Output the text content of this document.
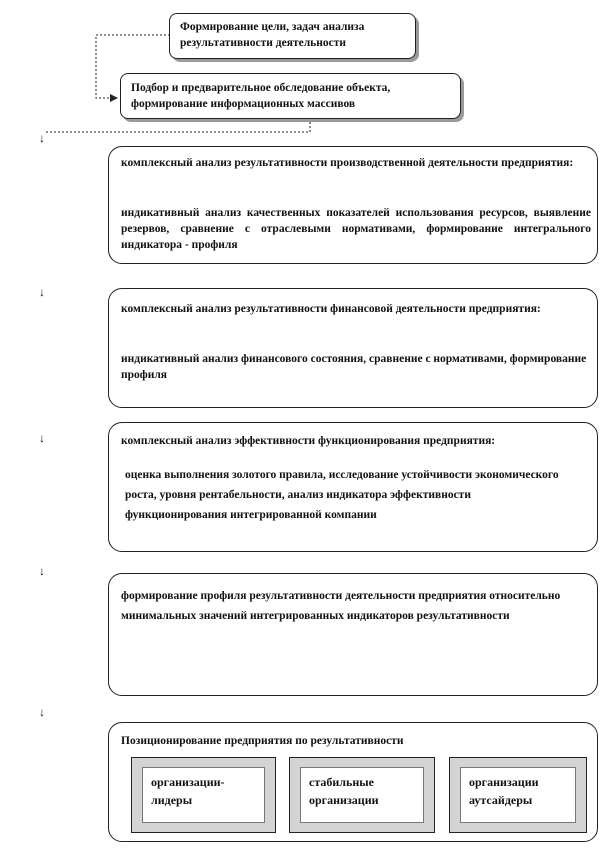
Формирование цели, задач анализа результативности деятельности
Подбор и предварительное обследование объекта, формирование информационных массивов
↓
↓
↓
↓
↓
комплексный анализ результативности производственной деятельности предприятия:
индикативный анализ качественных показателей использования ресурсов, выявление резервов, сравнение с отраслевыми нормативами, формирование интегрального индикатора - профиля
комплексный анализ результативности финансовой деятельности предприятия:
индикативный анализ финансового состояния, сравнение с нормативами, формирование профиля
комплексный анализ эффективности функционирования предприятия:
оценка выполнения золотого правила, исследование устойчивости экономического роста, уровня рентабельности, анализ индикатора эффективности функционирования интегрированной компании
формирование профиля результативности деятельности предприятия относительно минимальных значений интегрированных индикаторов результативности
Позиционирование предприятия по результативности
организации-лидеры
стабильные организации
организации аутсайдеры
